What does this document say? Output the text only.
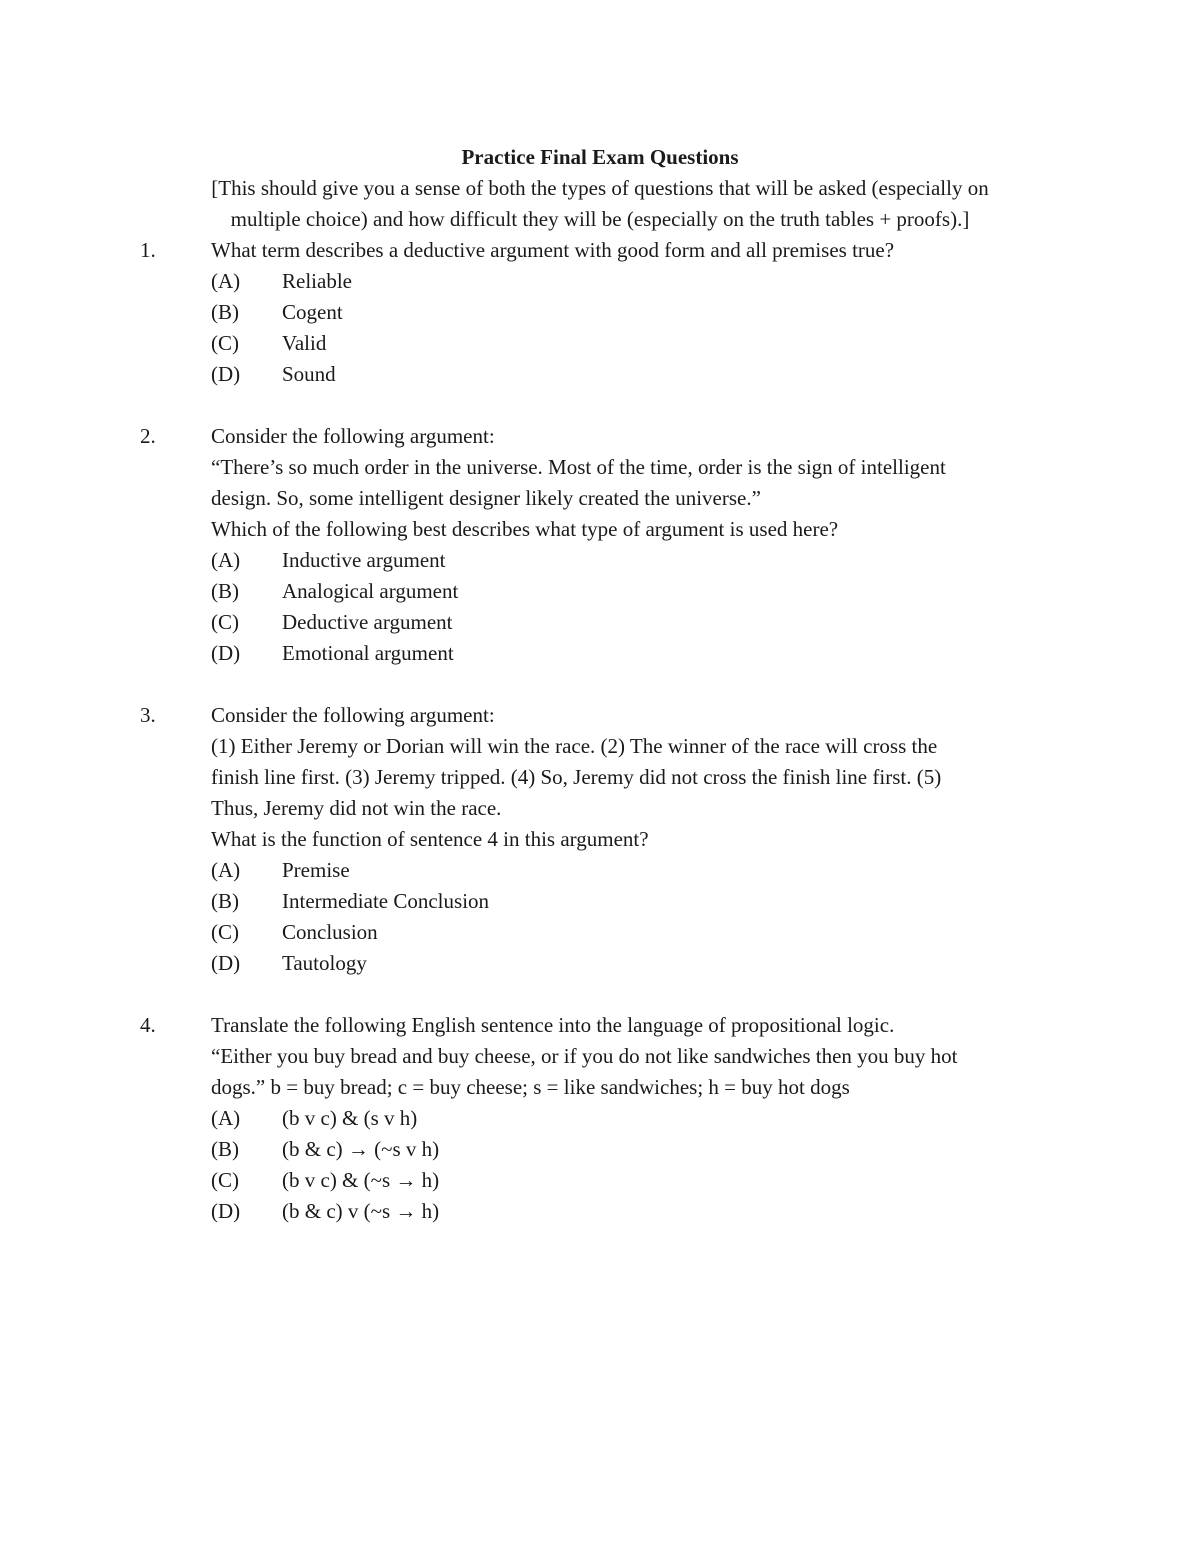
Practice Final Exam Questions
[This should give you a sense of both the types of questions that will be asked (especially on
multiple choice) and how difficult they will be (especially on the truth tables + proofs).]
1.	What term describes a deductive argument with good form and all premises true?
(A) Reliable
(B) Cogent
(C) Valid
(D) Sound
2.	Consider the following argument:
“There’s so much order in the universe. Most of the time, order is the sign of intelligent
design. So, some intelligent designer likely created the universe.”
Which of the following best describes what type of argument is used here?
(A) Inductive argument
(B) Analogical argument
(C) Deductive argument
(D) Emotional argument
3.	Consider the following argument:
(1) Either Jeremy or Dorian will win the race. (2) The winner of the race will cross the
finish line first. (3) Jeremy tripped. (4) So, Jeremy did not cross the finish line first. (5)
Thus, Jeremy did not win the race.
What is the function of sentence 4 in this argument?
(A) Premise
(B) Intermediate Conclusion
(C) Conclusion
(D) Tautology
4.	Translate the following English sentence into the language of propositional logic.
“Either you buy bread and buy cheese, or if you do not like sandwiches then you buy hot
dogs.” b = buy bread; c = buy cheese; s = like sandwiches; h = buy hot dogs
(A) (b v c) & (s v h)
(B) (b & c) → (~s v h)
(C) (b v c) & (~s → h)
(D) (b & c) v (~s → h)
